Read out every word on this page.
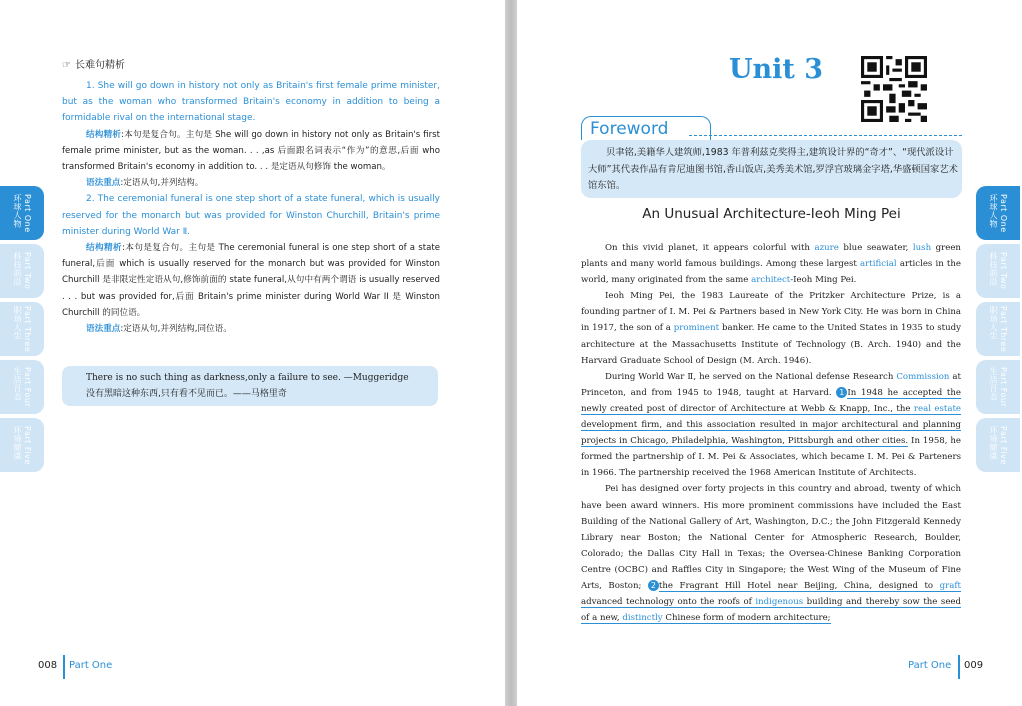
☞ 长难句精析

1. She will go down in history not only as Britain's first female prime minister, but as the woman who transformed Britain's economy in addition to being a formidable rival on the international stage.

结构精析:本句是复合句。主句是 She will go down in history not only as Britain's first female prime minister, but as the woman. . . ,as 后面跟名词表示“作为”的意思,后面 who transformed Britain's economy in addition to. . . 是定语从句修饰 the woman。

语法重点:定语从句,并列结构。

2. The ceremonial funeral is one step short of a state funeral, which is usually reserved for the monarch but was provided for Winston Churchill, Britain's prime minister during World War Ⅱ.

结构精析:本句是复合句。主句是 The ceremonial funeral is one step short of a state funeral,后面 which is usually reserved for the monarch but was provided for Winston Churchill 是非限定性定语从句,修饰前面的 state funeral,从句中有两个谓语 is usually reserved . . . but was provided for,后面 Britain's prime minister during World War II 是 Winston Churchill 的同位语。

语法重点:定语从句,并列结构,同位语。

There is no such thing as darkness,only a failure to see. —Muggeridge
没有黑暗这种东西,只有看不见而已。——马格里奇
Part One
环球人物
Part Two
科技前沿
Part Three
职场人生
Part Four
生活百态
Part Five
环境健康
008 Part One
Unit 3
Foreword
贝聿铭,美籍华人建筑师,1983 年普利兹克奖得主,建筑设计界的“奇才”、“现代派设计大师”其代表作品有肯尼迪图书馆,香山饭店,美秀美术馆,罗浮宫玻璃金字塔,华盛顿国家艺术馆东馆。
An Unusual Architecture-Ieoh Ming Pei

On this vivid planet, it appears colorful with azure blue seawater, lush green plants and many world famous buildings. Among these largest artificial articles in the world, many originated from the same architect-Ieoh Ming Pei.

Ieoh Ming Pei, the 1983 Laureate of the Pritzker Architecture Prize, is a founding partner of I. M. Pei & Partners based in New York City. He was born in China in 1917, the son of a prominent banker. He came to the United States in 1935 to study architecture at the Massachusetts Institute of Technology (B. Arch. 1940) and the Harvard Graduate School of Design (M. Arch. 1946).

During World War Ⅱ, he served on the National defense Research Commission at Princeton, and from 1945 to 1948, taught at Harvard. 1 In 1948 he accepted the newly created post of director of Architecture at Webb & Knapp, Inc., the real estate development firm, and this association resulted in major architectural and planning projects in Chicago, Philadelphia, Washington, Pittsburgh and other cities. In 1958, he formed the partnership of I. M. Pei & Associates, which became I. M. Pei & Parteners in 1966. The partnership received the 1968 American Institute of Architects.

Pei has designed over forty projects in this country and abroad, twenty of which have been award winners. His more prominent commissions have included the East Building of the National Gallery of Art, Washington, D.C.; the John Fitzgerald Kennedy Library near Boston; the National Center for Atmospheric Research, Boulder, Colorado; the Dallas City Hall in Texas; the Oversea-Chinese Banking Corporation Centre (OCBC) and Raffles City in Singapore; the West Wing of the Museum of Fine Arts, Boston; 2 the Fragrant Hill Hotel near Beijing, China, designed to graft advanced technology onto the roofs of indigenous building and thereby sow the seed of a new, distinctly Chinese form of modern architecture;

Part One
环球人物
Part Two
科技前沿
Part Three
职场人生
Part Four
生活百态
Part Five
环境健康
Part One 009
